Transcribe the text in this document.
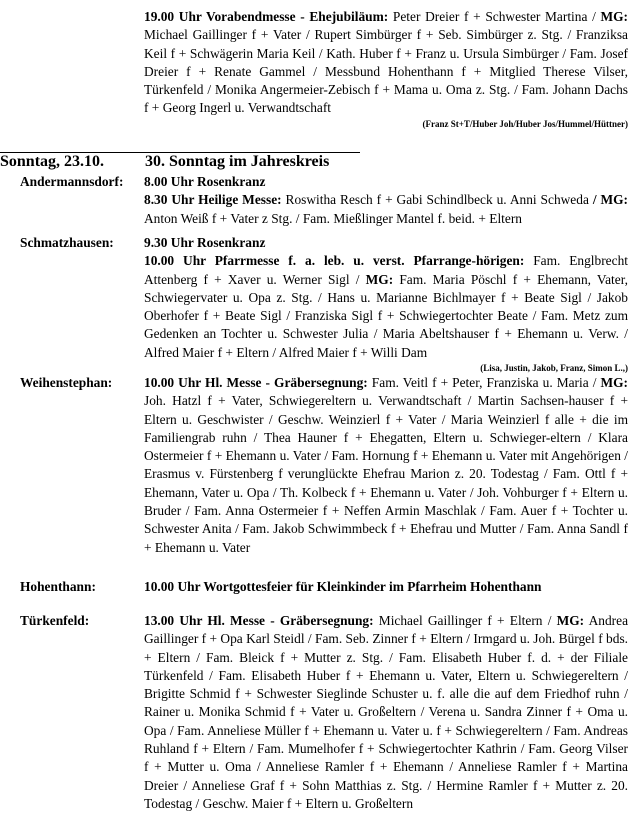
19.00 Uhr Vorabendmesse - Ehejubiläum: Peter Dreier f + Schwester Martina / MG: Michael Gaillinger f + Vater / Rupert Simbürger f + Seb. Simbürger z. Stg. / Franziksa Keil f + Schwägerin Maria Keil / Kath. Huber f + Franz u. Ursula Simbürger / Fam. Josef Dreier f + Renate Gammel / Messbund Hohenthann f + Mitglied Therese Vilser, Türkenfeld / Monika Angermeier-Zebisch f + Mama u. Oma z. Stg. / Fam. Johann Dachs f + Georg Ingerl u. Verwandtschaft
(Franz St+T/Huber Joh/Huber Jos/Hummel/Hüttner)
Sonntag, 23.10.	30. Sonntag im Jahreskreis
Andermannsdorf: 8.00 Uhr Rosenkranz
8.30 Uhr Heilige Messe: Roswitha Resch f + Gabi Schindlbeck u. Anni Schweda / MG: Anton Weiß f + Vater z Stg. / Fam. Mießlinger Mantel f. beid. + Eltern
Schmatzhausen: 9.30 Uhr Rosenkranz
10.00 Uhr Pfarrmesse f. a. leb. u. verst. Pfarrange-hörigen: Fam. Englbrecht Attenberg f + Xaver u. Werner Sigl / MG: Fam. Maria Pöschl f + Ehemann, Vater, Schwiegervater u. Opa z. Stg. / Hans u. Marianne Bichlmayer f + Beate Sigl / Jakob Oberhofer f + Beate Sigl / Franziska Sigl f + Schwiegertochter Beate / Fam. Metz zum Gedenken an Tochter u. Schwester Julia / Maria Abeltshauser f + Ehemann u. Verw. / Alfred Maier f + Eltern / Alfred Maier f + Willi Dam
(Lisa, Justin, Jakob, Franz, Simon L.,)
Weihenstephan: 10.00 Uhr Hl. Messe - Gräbersegnung: Fam. Veitl f + Peter, Franziska u. Maria / MG: Joh. Hatzl f + Vater, Schwiegereltern u. Verwandtschaft / Martin Sachsen-hauser f + Eltern u. Geschwister / Geschw. Weinzierl f + Vater / Maria Weinzierl f alle + die im Familiengrab ruhn / Thea Hauner f + Ehegatten, Eltern u. Schwieger-eltern / Klara Ostermeier f + Ehemann u. Vater / Fam. Hornung f + Ehemann u. Vater mit Angehörigen / Erasmus v. Fürstenberg f verunglückte Ehefrau Marion z. 20. Todestag / Fam. Ottl f + Ehemann, Vater u. Opa / Th. Kolbeck f + Ehemann u. Vater / Joh. Vohburger f + Eltern u. Bruder / Fam. Anna Ostermeier f + Neffen Armin Maschlak / Fam. Auer f + Tochter u. Schwester Anita / Fam. Jakob Schwimmbeck f + Ehefrau und Mutter / Fam. Anna Sandl f + Ehemann u. Vater
Hohenthann:	10.00 Uhr Wortgottesfeier für Kleinkinder im Pfarrheim Hohenthann
Türkenfeld:	13.00 Uhr Hl. Messe - Gräbersegnung: Michael Gaillinger f + Eltern / MG: Andrea Gaillinger f + Opa Karl Steidl / Fam. Seb. Zinner f + Eltern / Irmgard u. Joh. Bürgel f bds. + Eltern / Fam. Bleick f + Mutter z. Stg. / Fam. Elisabeth Huber f. d. + der Filiale Türkenfeld / Fam. Elisabeth Huber f + Ehemann u. Vater, Eltern u. Schwiegereltern / Brigitte Schmid f + Schwester Sieglinde Schuster u. f. alle die auf dem Friedhof ruhn / Rainer u. Monika Schmid f + Vater u. Großeltern / Verena u. Sandra Zinner f + Oma u. Opa / Fam. Anneliese Müller f + Ehemann u. Vater u. f + Schwiegereltern / Fam. Andreas Ruhland f + Eltern / Fam. Mumelhofer f + Schwiegertochter Kathrin / Fam. Georg Vilser f + Mutter u. Oma / Anneliese Ramler f + Ehemann / Anneliese Ramler f + Martina Dreier / Anneliese Graf f + Sohn Matthias z. Stg. / Hermine Ramler f + Mutter z. 20. Todestag / Geschw. Maier f + Eltern u. Großeltern
